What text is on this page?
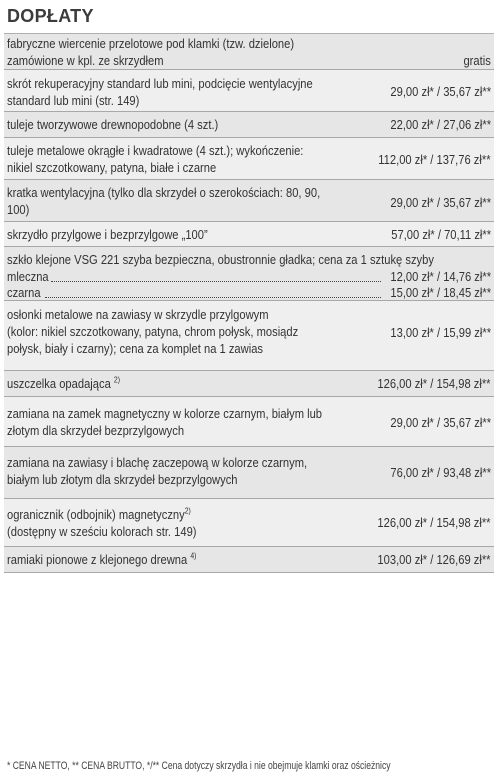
DOPŁATY
fabryczne wiercenie przelotowe pod klamki (tzw. dzielone)
zamówione w kpl. ze skrzydłem	gratis
skrót rekuperacyjny standard lub mini, podcięcie wentylacyjne
standard lub mini (str. 149)
29,00 zł* / 35,67 zł**
tuleje tworzywowe drewnopodobne (4 szt.)	22,00 zł* / 27,06 zł**
tuleje metalowe okrągłe i kwadratowe (4 szt.); wykończenie:
nikiel szczotkowany, patyna, białe i czarne
112,00 zł* / 137,76 zł**
kratka wentylacyjna (tylko dla skrzydeł o szerokościach: 80, 90,
100)	29,00 zł* / 35,67 zł**
skrzydło przylgowe i bezprzylgowe „100”	57,00 zł* / 70,11 zł**
szkło klejone VSG 221 szyba bezpieczna, obustronnie gładka; cena za 1 sztukę szyby
mleczna	12,00 zł* / 14,76 zł**
czarna	15,00 zł* / 18,45 zł**
osłonki metalowe na zawiasy w skrzydle przylgowym
(kolor: nikiel szczotkowany, patyna, chrom połysk, mosiądz
połysk, biały i czarny); cena za komplet na 1 zawias
13,00 zł* / 15,99 zł**
uszczelka opadająca $^{2)}$	126,00 zł* / 154,98 zł**
zamiana na zamek magnetyczny w kolorze czarnym, białym lub
złotym dla skrzydeł bezprzylgowych
29,00 zł* / 35,67 zł**
zamiana na zawiasy i blachę zaczepową w kolorze czarnym,
białym lub złotym dla skrzydeł bezprzylgowych	76,00 zł* / 93,48 zł**
ogranicznik (odbojnik) magnetyczny$^{2)}$
(dostępny w sześciu kolorach str. 149)
126,00 zł* / 154,98 zł**
ramiaki pionowe z klejonego drewna $^{4)}$	103,00 zł* / 126,69 zł**
* CENA NETTO, ** CENA BRUTTO, */** Cena dotyczy skrzydła i nie obejmuje klamki oraz ościeżnicy
